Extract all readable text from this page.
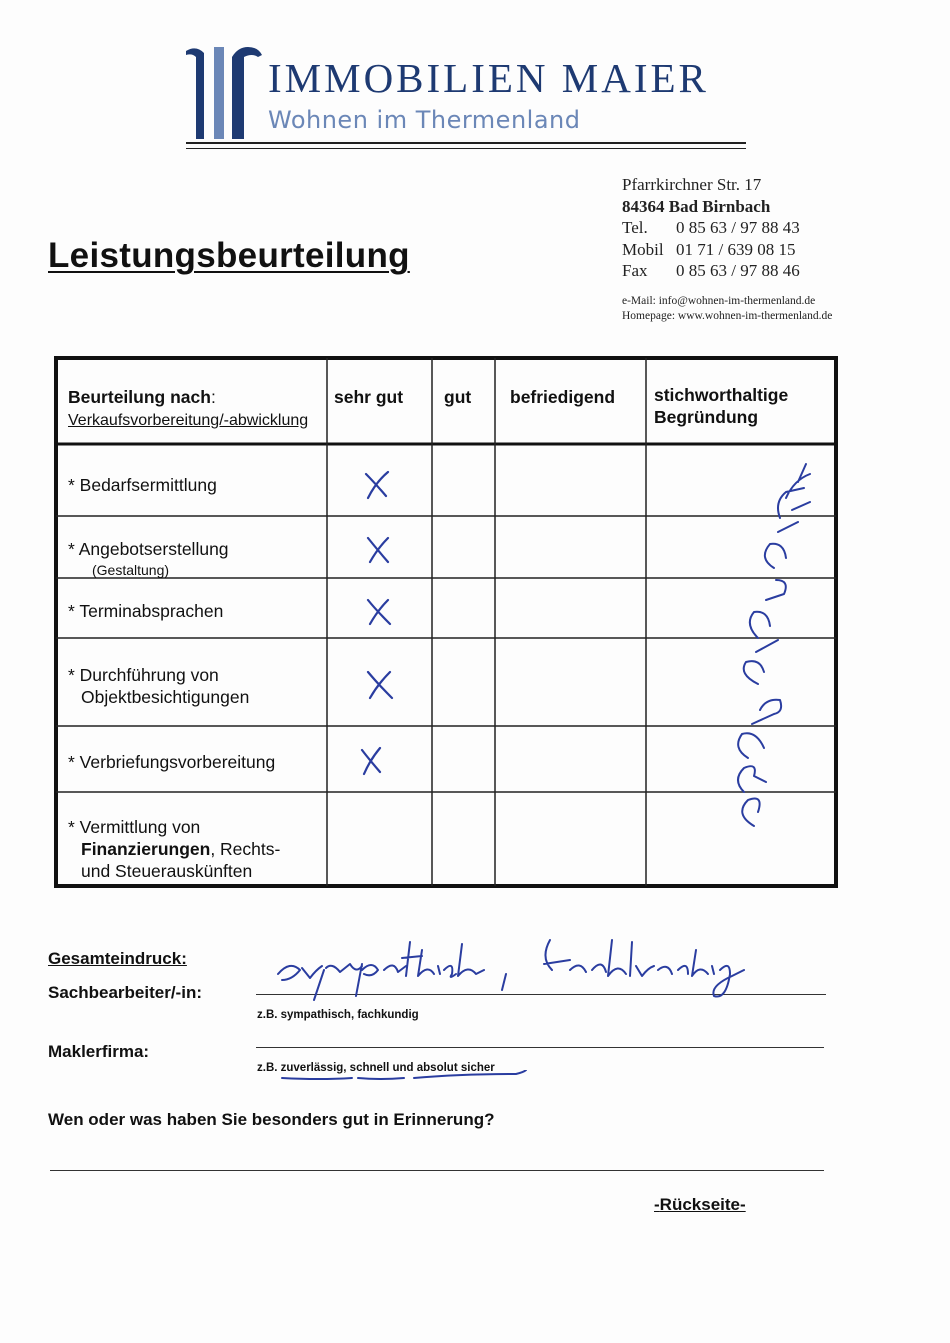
IMMOBILIEN MAIER
Wohnen im Thermenland
Pfarrkirchner Str. 17
84364 Bad Birnbach
Tel. 0 85 63 / 97 88 43
Mobil 01 71 / 639 08 15
Fax 0 85 63 / 97 88 46
e-Mail: info@wohnen-im-thermenland.de
Homepage: www.wohnen-im-thermenland.de
Leistungsbeurteilung
Beurteilung nach:
Verkaufsvorbereitung/-abwicklung
sehr gut gut befriedigend stichworthaltige
Begründung
* Bedarfsermittlung
* Angebotserstellung
(Gestaltung)
* Terminabsprachen
* Durchführung von
Objektbesichtigungen
* Verbriefungsvorbereitung
* Vermittlung von
Finanzierungen, Rechts-
und Steuerauskünften
Gesamteindruck:
Sachbearbeiter/-in:
z.B. sympathisch, fachkundig
Maklerfirma:
z.B. zuverlässig, schnell und absolut sicher
Wen oder was haben Sie besonders gut in Erinnerung?
-Rückseite-
